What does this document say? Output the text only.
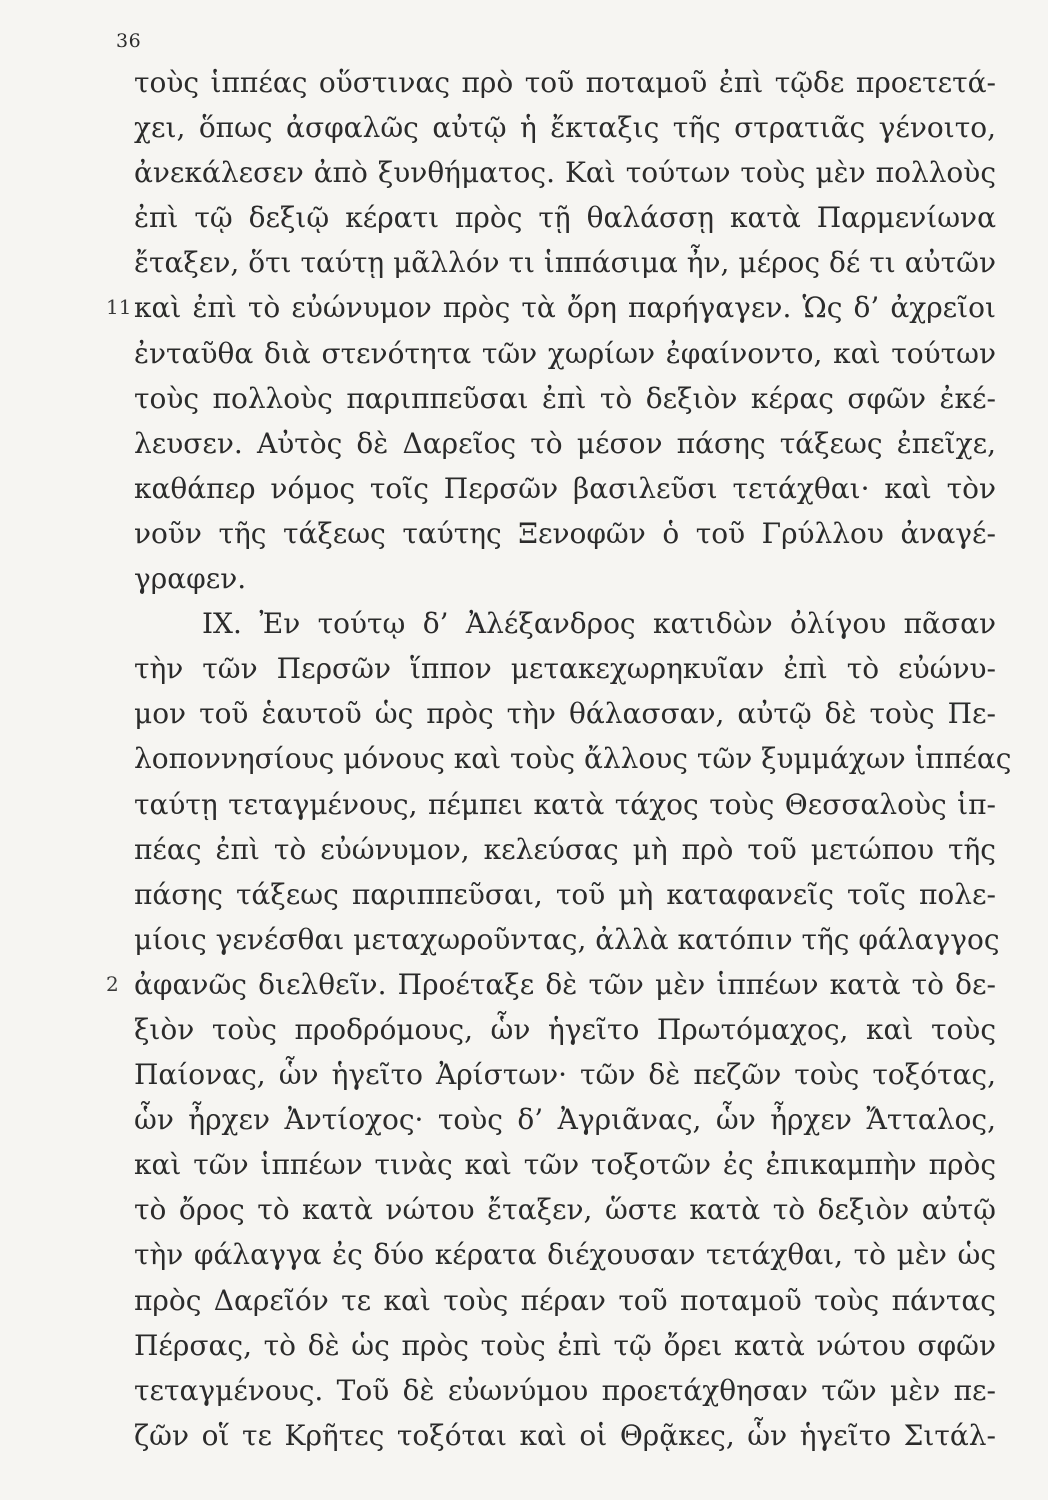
36
τοὺς ἱππέας οὕστινας πρὸ τοῦ ποταμοῦ ἐπὶ τῷδε προετετά-
χει, ὅπως ἀσφαλῶς αὐτῷ ἡ ἔκταξις τῆς στρατιᾶς γένοιτο,
ἀνεκάλεσεν ἀπὸ ξυνθήματος. Καὶ τούτων τοὺς μὲν πολλοὺς
ἐπὶ τῷ δεξιῷ κέρατι πρὸς τῇ θαλάσσῃ κατὰ Παρμενίωνα
ἔταξεν, ὅτι ταύτῃ μᾶλλόν τι ἱππάσιμα ἦν, μέρος δέ τι αὐτῶν
11 καὶ ἐπὶ τὸ εὐώνυμον πρὸς τὰ ὄρη παρήγαγεν. Ὡς δ’ ἀχρεῖοι
ἐνταῦθα διὰ στενότητα τῶν χωρίων ἐφαίνοντο, καὶ τούτων
τοὺς πολλοὺς παριππεῦσαι ἐπὶ τὸ δεξιὸν κέρας σφῶν ἐκέ-
λευσεν. Αὐτὸς δὲ Δαρεῖος τὸ μέσον πάσης τάξεως ἐπεῖχε,
καθάπερ νόμος τοῖς Περσῶν βασιλεῦσι τετάχθαι· καὶ τὸν
νοῦν τῆς τάξεως ταύτης Ξενοφῶν ὁ τοῦ Γρύλλου ἀναγέ-
γραφεν.
IX. Ἐν τούτῳ δ’ Ἀλέξανδρος κατιδὼν ὀλίγου πᾶσαν
τὴν τῶν Περσῶν ἵππον μετακεχωρηκυῖαν ἐπὶ τὸ εὐώνυ-
μον τοῦ ἑαυτοῦ ὡς πρὸς τὴν θάλασσαν, αὐτῷ δὲ τοὺς Πε-
λοποννησίους μόνους καὶ τοὺς ἄλλους τῶν ξυμμάχων ἱππέας
ταύτῃ τεταγμένους, πέμπει κατὰ τάχος τοὺς Θεσσαλοὺς ἱπ-
πέας ἐπὶ τὸ εὐώνυμον, κελεύσας μὴ πρὸ τοῦ μετώπου τῆς
πάσης τάξεως παριππεῦσαι, τοῦ μὴ καταφανεῖς τοῖς πολε-
μίοις γενέσθαι μεταχωροῦντας, ἀλλὰ κατόπιν τῆς φάλαγγος
2 ἀφανῶς διελθεῖν. Προέταξε δὲ τῶν μὲν ἱππέων κατὰ τὸ δε-
ξιὸν τοὺς προδρόμους, ὧν ἡγεῖτο Πρωτόμαχος, καὶ τοὺς
Παίονας, ὧν ἡγεῖτο Ἀρίστων· τῶν δὲ πεζῶν τοὺς τοξότας,
ὧν ἦρχεν Ἀντίοχος· τοὺς δ’ Ἀγριᾶνας, ὧν ἦρχεν Ἄτταλος,
καὶ τῶν ἱππέων τινὰς καὶ τῶν τοξοτῶν ἐς ἐπικαμπὴν πρὸς
τὸ ὄρος τὸ κατὰ νώτου ἔταξεν, ὥστε κατὰ τὸ δεξιὸν αὐτῷ
τὴν φάλαγγα ἐς δύο κέρατα διέχουσαν τετάχθαι, τὸ μὲν ὡς
πρὸς Δαρεῖόν τε καὶ τοὺς πέραν τοῦ ποταμοῦ τοὺς πάντας
Πέρσας, τὸ δὲ ὡς πρὸς τοὺς ἐπὶ τῷ ὄρει κατὰ νώτου σφῶν
τεταγμένους. Τοῦ δὲ εὐωνύμου προετάχθησαν τῶν μὲν πε-
ζῶν οἵ τε Κρῆτες τοξόται καὶ οἱ Θρᾷκες, ὧν ἡγεῖτο Σιτάλ-
